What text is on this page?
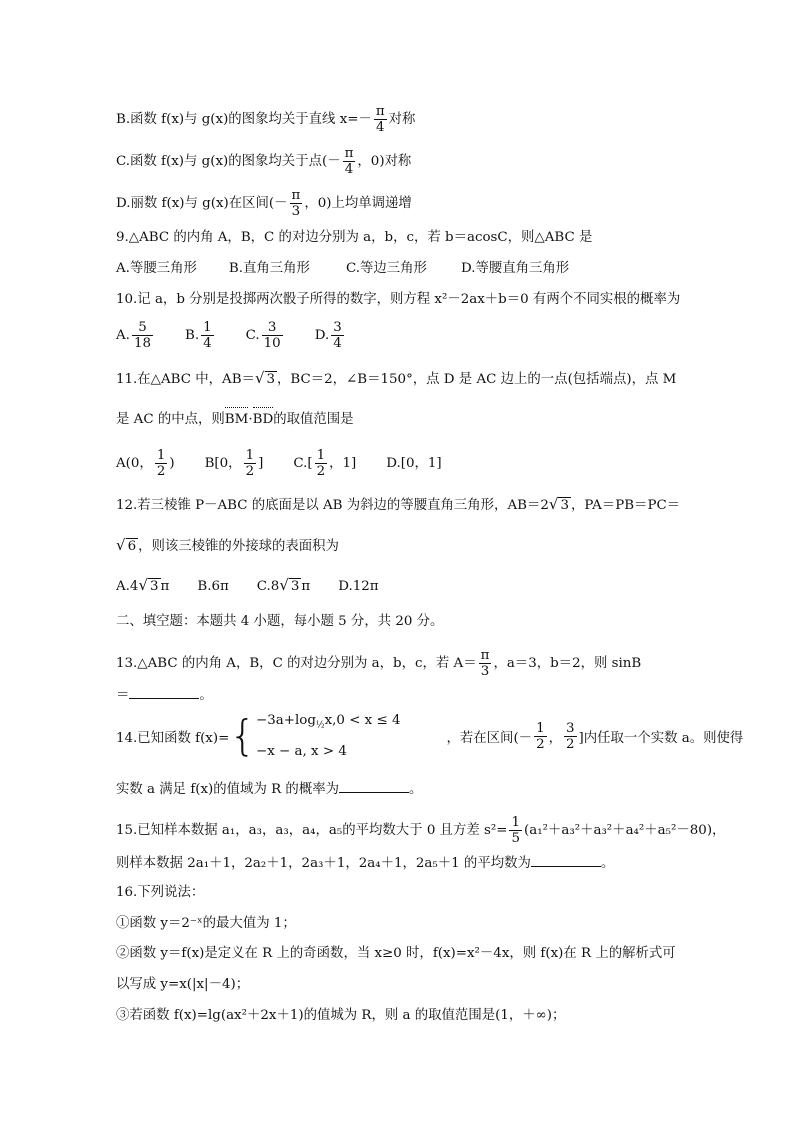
B.函数 f(x)与 g(x)的图象均关于直线 $x=- \frac{\pi}{4}$ 对称
C.函数 f(x)与 g(x)的图象均关于点(－ $\frac{\pi}{4}$ ，0)对称
D.丽数 f(x)与 g(x)在区间(－ $\frac{\pi}{3}$ ，0)上均单调递增
9.△ABC 的内角 A，B，C 的对边分别为 a，b，c，若 b＝acosC，则△ABC 是
A.等腰三角形 B.直角三角形	C.等边三角形	D.等腰直角三角形
10.记 a，b 分别是投掷两次骰子所得的数字，则方程 x²－2ax＋b＝0 有两个不同实根的概率为
A. $\frac{5}{18} B$. $\frac{1}{4} C$. $\frac{3}{10} D$. $\frac{3}{4}$
11.在△ABC 中，AB＝√ 3 ，BC＝2，∠B＝150°，点 D 是 AC 边上的一点(包括端点)，点 M
是 AC 的中点，则BM·BD的取值范围是
A(0， $\frac{1}{2}$ ) B[0， $\frac{1}{2}$ ] $C.[ \frac{1}{2}$ ，1] D.[0，1]
12.若三棱锥 P－ABC 的底面是以 AB 为斜边的等腰直角三角形，AB＝2√ 3 ，PA＝PB＝PC＝
√ 6 ，则该三棱锥的外接球的表面积为
A.4√ 3 π B.6π C.8√ 3 π D.12π
二、填空题：本题共 4 小题，每小题 5 分，共 20 分。
13.△ABC 的内角 A，B，C 的对边分别为 a，b，c，若 $A= \frac{\pi}{3}$ ，a＝3，b＝2，则 sinB
＝	。
14.已知函数 $f(x)=\{ -3a+\log_{\frac{1}{2}}x,0 < x \le 4$
−x − a, x > 4
，若在区间(－ $\frac{1}{2}$ ， $\frac{3}{2}$ ]内任取一个实数 a。则使得
实数 a 满足 f(x)的值域为 R 的概率为	。
15.已知样本数据 a₁，a₃，a₃，a₄，a₅的平均数大于 0 且方差 $s^2= \frac{1}{5} (a_1^2+a_3^2+a_3^2+a_4^2+a_5^2-80)$，
则样本数据 2a₁＋1，2a₂＋1，2a₃＋1，2a₄＋1，2a₅＋1 的平均数为	。
16.下列说法：
①函数 y＝2⁻ˣ的最大值为 1；
②函数 y＝f(x)是定义在 R 上的奇函数，当 x≥0 时，f(x)=x²－4x，则 f(x)在 R 上的解析式可
以写成 y=x(|x|－4)；
③若函数 f(x)=lg(ax²＋2x＋1)的值城为 R，则 a 的取值范围是(1，＋∞)；
